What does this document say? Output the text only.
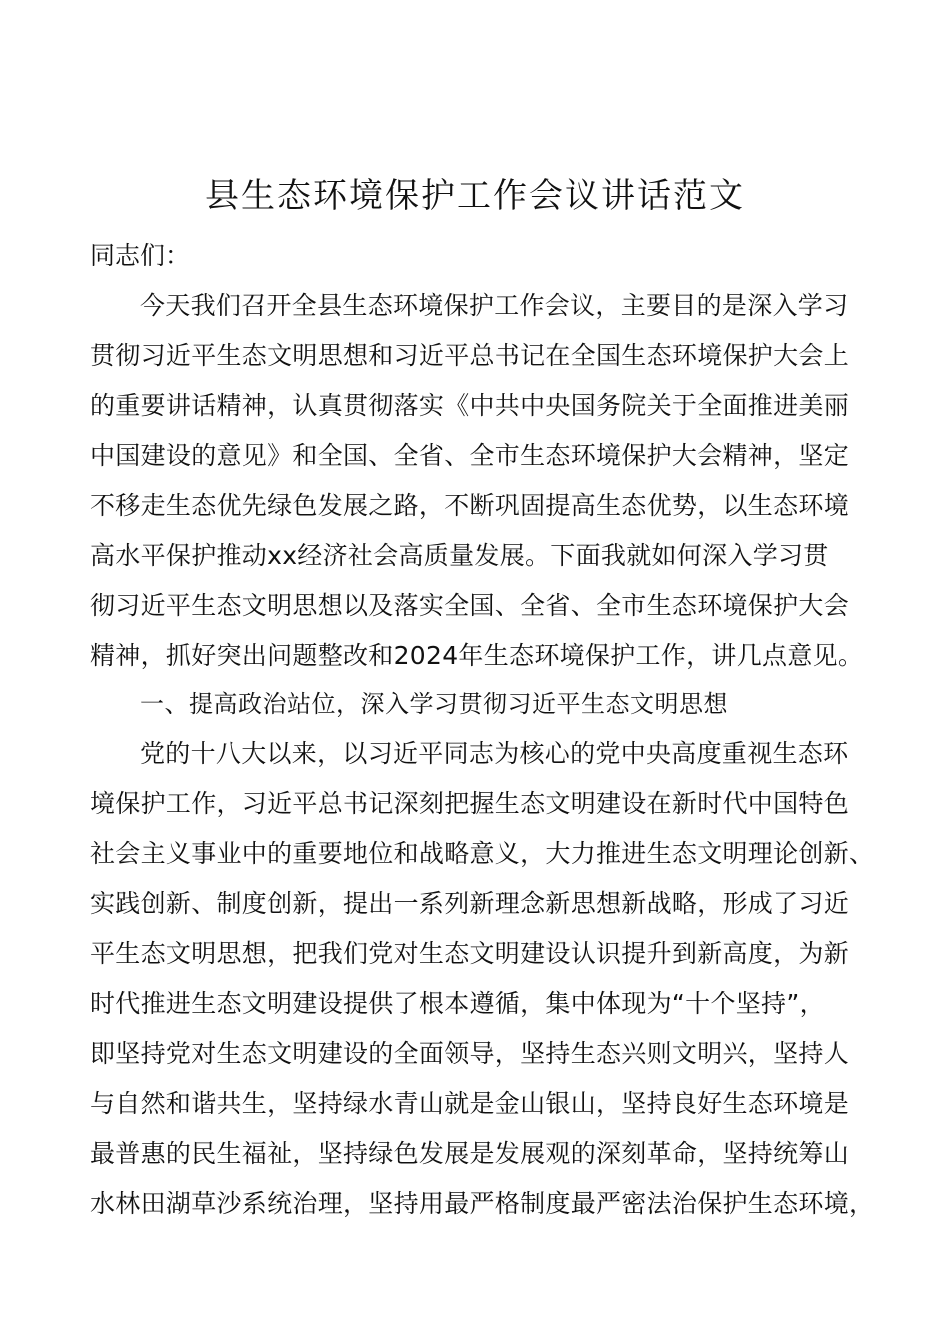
县生态环境保护工作会议讲话范文
同志们：
今天我们召开全县生态环境保护工作会议，主要目的是深入学习
贯彻习近平生态文明思想和习近平总书记在全国生态环境保护大会上
的重要讲话精神，认真贯彻落实《中共中央国务院关于全面推进美丽
中国建设的意见》和全国、全省、全市生态环境保护大会精神，坚定
不移走生态优先绿色发展之路，不断巩固提高生态优势，以生态环境
高水平保护推动xx经济社会高质量发展。下面我就如何深入学习贯
彻习近平生态文明思想以及落实全国、全省、全市生态环境保护大会
精神，抓好突出问题整改和2024年生态环境保护工作，讲几点意见。
一、提高政治站位，深入学习贯彻习近平生态文明思想
党的十八大以来，以习近平同志为核心的党中央高度重视生态环
境保护工作，习近平总书记深刻把握生态文明建设在新时代中国特色
社会主义事业中的重要地位和战略意义，大力推进生态文明理论创新、
实践创新、制度创新，提出一系列新理念新思想新战略，形成了习近
平生态文明思想，把我们党对生态文明建设认识提升到新高度，为新
时代推进生态文明建设提供了根本遵循，集中体现为“十个坚持”，
即坚持党对生态文明建设的全面领导，坚持生态兴则文明兴，坚持人
与自然和谐共生，坚持绿水青山就是金山银山，坚持良好生态环境是
最普惠的民生福祉，坚持绿色发展是发展观的深刻革命，坚持统筹山
水林田湖草沙系统治理，坚持用最严格制度最严密法治保护生态环境，
